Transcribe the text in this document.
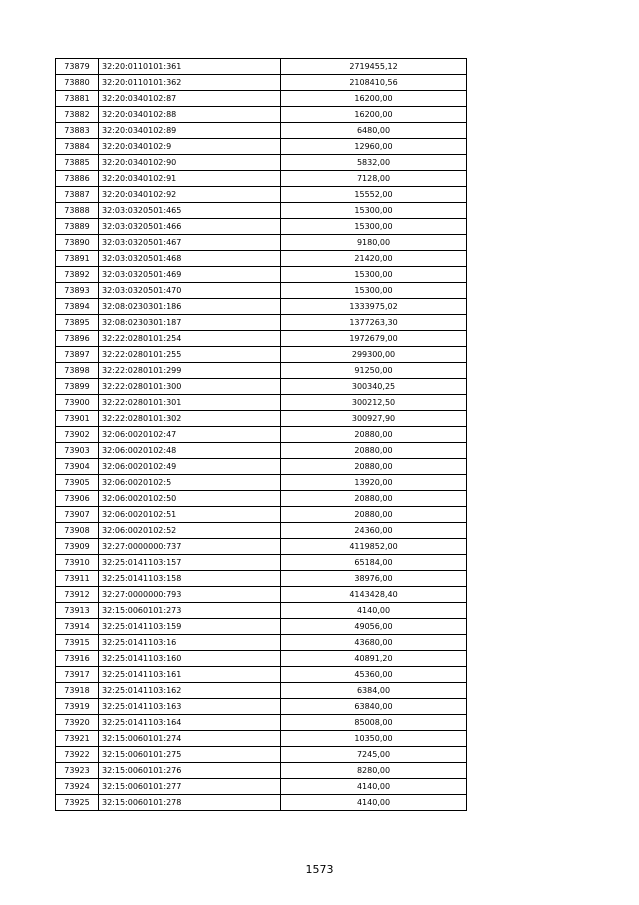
73879	32:20:0110101:361	2719455,12
73880	32:20:0110101:362	2108410,56
73881	32:20:0340102:87	16200,00
73882	32:20:0340102:88	16200,00
73883	32:20:0340102:89	6480,00
73884	32:20:0340102:9	12960,00
73885	32:20:0340102:90	5832,00
73886	32:20:0340102:91	7128,00
73887	32:20:0340102:92	15552,00
73888	32:03:0320501:465	15300,00
73889	32:03:0320501:466	15300,00
73890	32:03:0320501:467	9180,00
73891	32:03:0320501:468	21420,00
73892	32:03:0320501:469	15300,00
73893	32:03:0320501:470	15300,00
73894	32:08:0230301:186	1333975,02
73895	32:08:0230301:187	1377263,30
73896	32:22:0280101:254	1972679,00
73897	32:22:0280101:255	299300,00
73898	32:22:0280101:299	91250,00
73899	32:22:0280101:300	300340,25
73900	32:22:0280101:301	300212,50
73901	32:22:0280101:302	300927,90
73902	32:06:0020102:47	20880,00
73903	32:06:0020102:48	20880,00
73904	32:06:0020102:49	20880,00
73905	32:06:0020102:5	13920,00
73906	32:06:0020102:50	20880,00
73907	32:06:0020102:51	20880,00
73908	32:06:0020102:52	24360,00
73909	32:27:0000000:737	4119852,00
73910	32:25:0141103:157	65184,00
73911	32:25:0141103:158	38976,00
73912	32:27:0000000:793	4143428,40
73913	32:15:0060101:273	4140,00
73914	32:25:0141103:159	49056,00
73915	32:25:0141103:16	43680,00
73916	32:25:0141103:160	40891,20
73917	32:25:0141103:161	45360,00
73918	32:25:0141103:162	6384,00
73919	32:25:0141103:163	63840,00
73920	32:25:0141103:164	85008,00
73921	32:15:0060101:274	10350,00
73922	32:15:0060101:275	7245,00
73923	32:15:0060101:276	8280,00
73924	32:15:0060101:277	4140,00
73925	32:15:0060101:278	4140,00
1573
